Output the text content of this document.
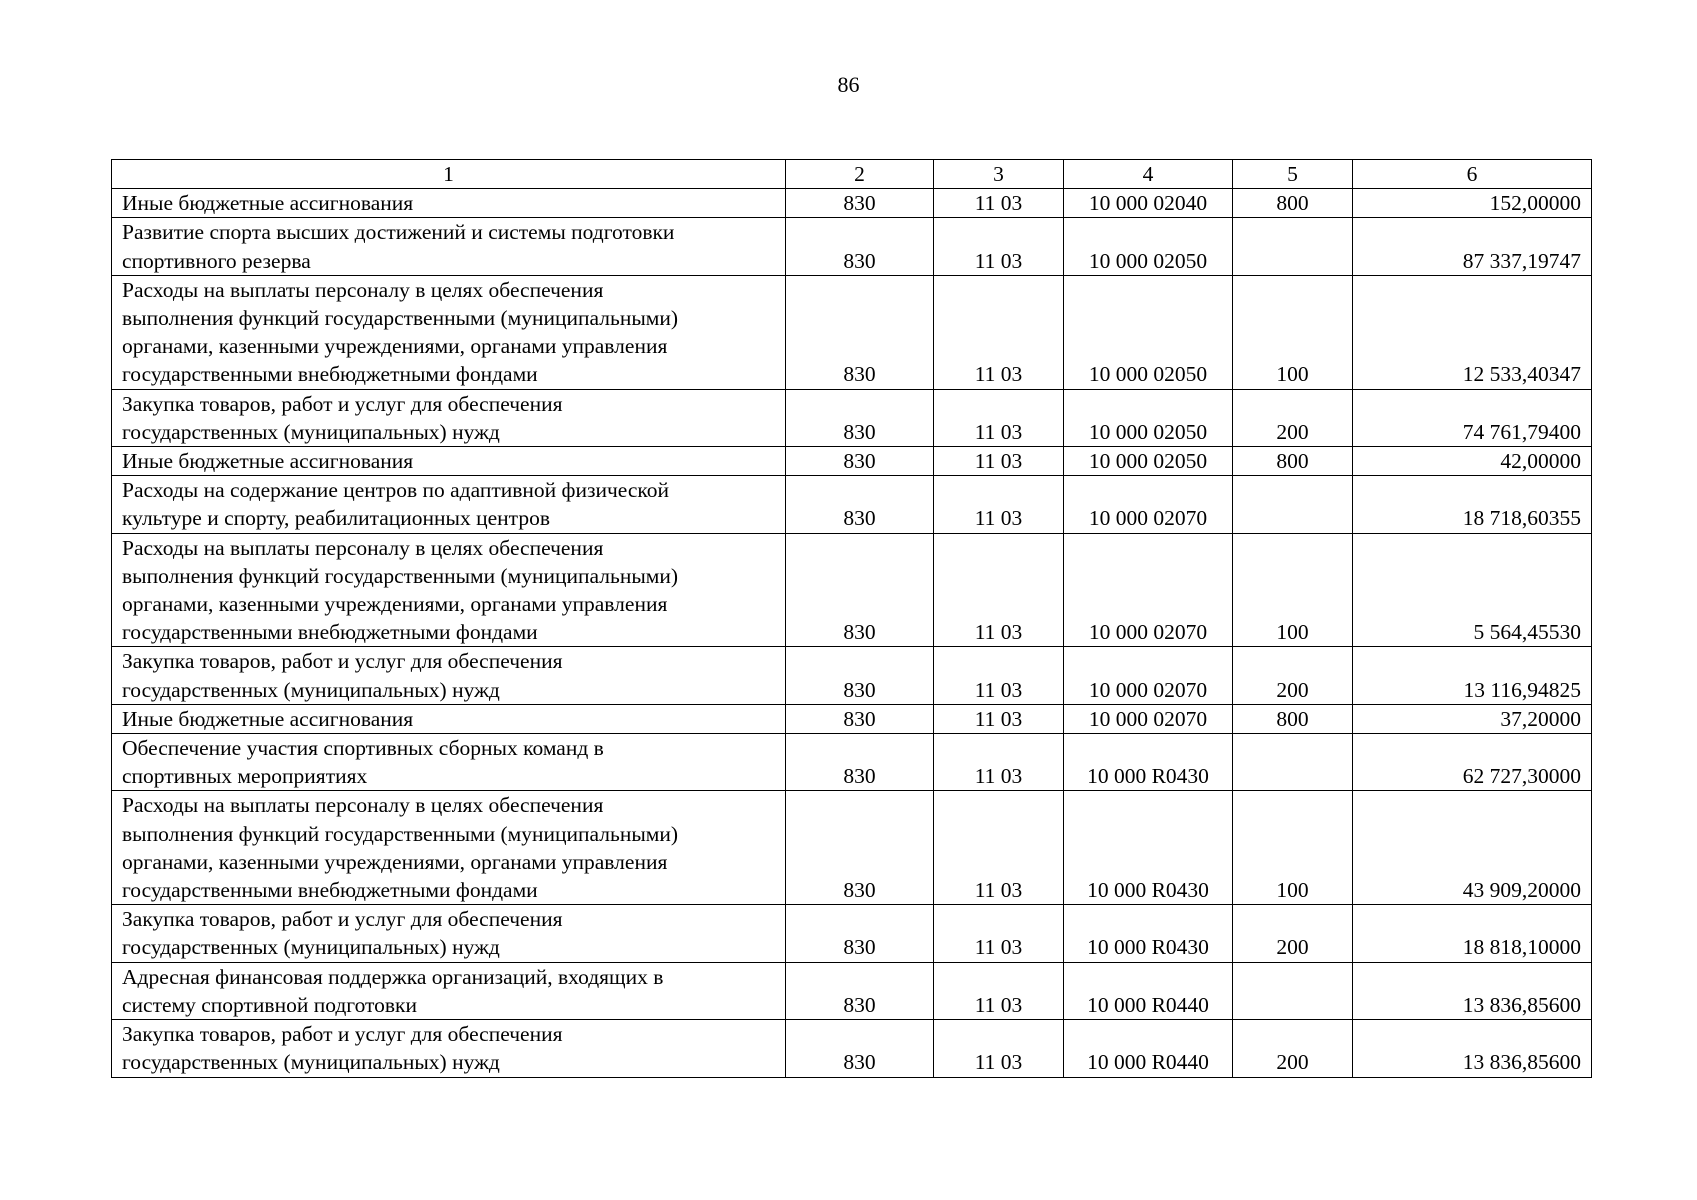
86
1	2	3	4	5	6

Иные бюджетные ассигнования	830	11 03	10 000 02040	800	152,00000

Развитие спорта высших достижений и системы подготовки
спортивного резерва	830	11 03	10 000 02050		87 337,19747

Расходы на выплаты персоналу в целях обеспечения
выполнения функций государственными (муниципальными)
органами, казенными учреждениями, органами управления
государственными внебюджетными фондами	830	11 03	10 000 02050	100	12 533,40347

Закупка товаров, работ и услуг для обеспечения
государственных (муниципальных) нужд	830	11 03	10 000 02050	200	74 761,79400

Иные бюджетные ассигнования	830	11 03	10 000 02050	800	42,00000

Расходы на содержание центров по адаптивной физической
культуре и спорту, реабилитационных центров	830	11 03	10 000 02070		18 718,60355

Расходы на выплаты персоналу в целях обеспечения
выполнения функций государственными (муниципальными)
органами, казенными учреждениями, органами управления
государственными внебюджетными фондами	830	11 03	10 000 02070	100	5 564,45530

Закупка товаров, работ и услуг для обеспечения
государственных (муниципальных) нужд	830	11 03	10 000 02070	200	13 116,94825

Иные бюджетные ассигнования	830	11 03	10 000 02070	800	37,20000

Обеспечение участия спортивных сборных команд в
спортивных мероприятиях	830	11 03	10 000 R0430		62 727,30000

Расходы на выплаты персоналу в целях обеспечения
выполнения функций государственными (муниципальными)
органами, казенными учреждениями, органами управления
государственными внебюджетными фондами	830	11 03	10 000 R0430	100	43 909,20000

Закупка товаров, работ и услуг для обеспечения
государственных (муниципальных) нужд	830	11 03	10 000 R0430	200	18 818,10000

Адресная финансовая поддержка организаций, входящих в
систему спортивной подготовки	830	11 03	10 000 R0440		13 836,85600

Закупка товаров, работ и услуг для обеспечения
государственных (муниципальных) нужд	830	11 03	10 000 R0440	200	13 836,85600
